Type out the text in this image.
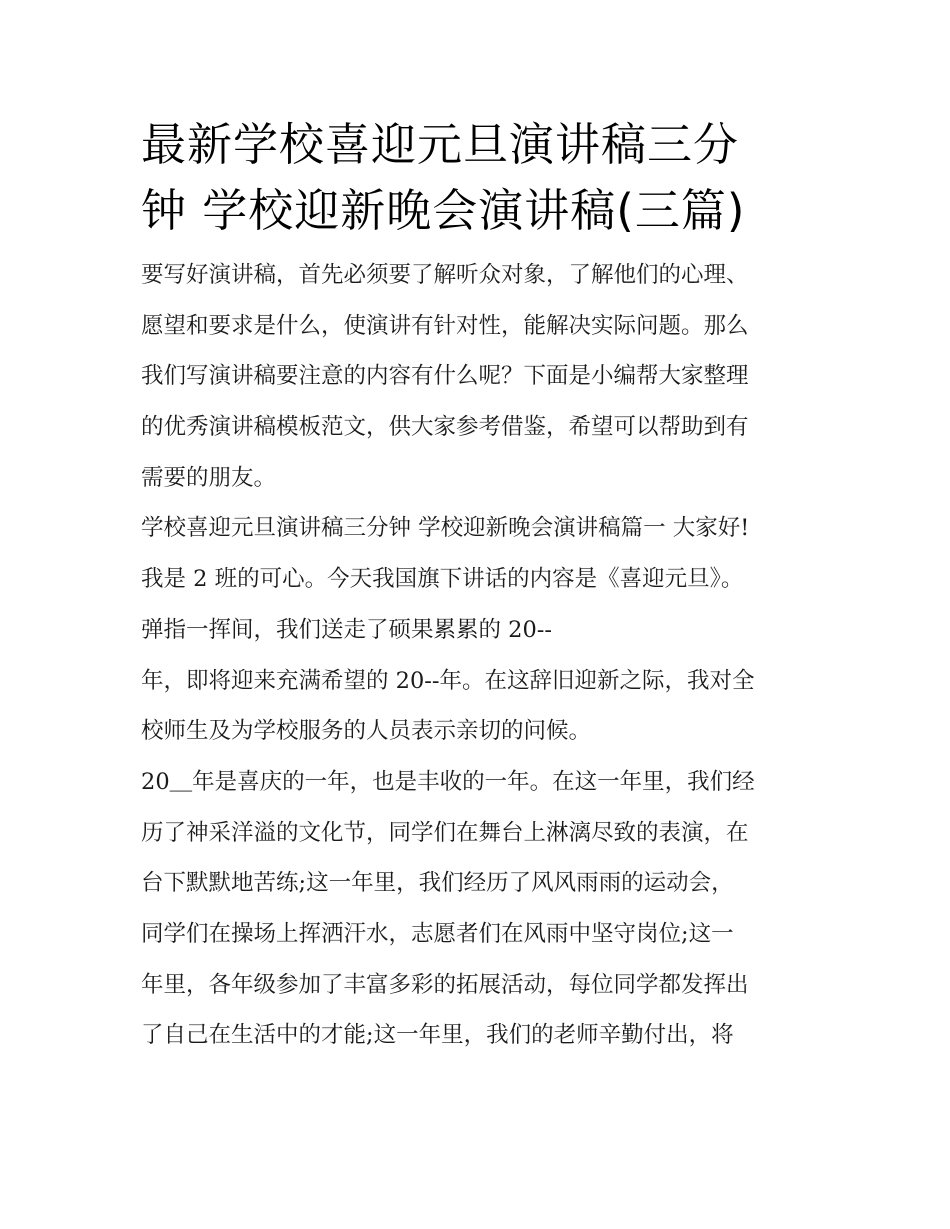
最新学校喜迎元旦演讲稿三分
钟 学校迎新晚会演讲稿(三篇)
要写好演讲稿，首先必须要了解听众对象，了解他们的心理、
愿望和要求是什么，使演讲有针对性，能解决实际问题。那么
我们写演讲稿要注意的内容有什么呢？下面是小编帮大家整理
的优秀演讲稿模板范文，供大家参考借鉴，希望可以帮助到有
需要的朋友。
学校喜迎元旦演讲稿三分钟 学校迎新晚会演讲稿篇一 大家好!
我是 2 班的可心。今天我国旗下讲话的内容是《喜迎元旦》。
弹指一挥间，我们送走了硕果累累的 20--
年，即将迎来充满希望的 20--年。在这辞旧迎新之际，我对全
校师生及为学校服务的人员表示亲切的问候。
20＿年是喜庆的一年，也是丰收的一年。在这一年里，我们经
历了神采洋溢的文化节，同学们在舞台上淋漓尽致的表演，在
台下默默地苦练;这一年里，我们经历了风风雨雨的运动会，
同学们在操场上挥洒汗水，志愿者们在风雨中坚守岗位;这一
年里，各年级参加了丰富多彩的拓展活动，每位同学都发挥出
了自己在生活中的才能;这一年里，我们的老师辛勤付出，将
